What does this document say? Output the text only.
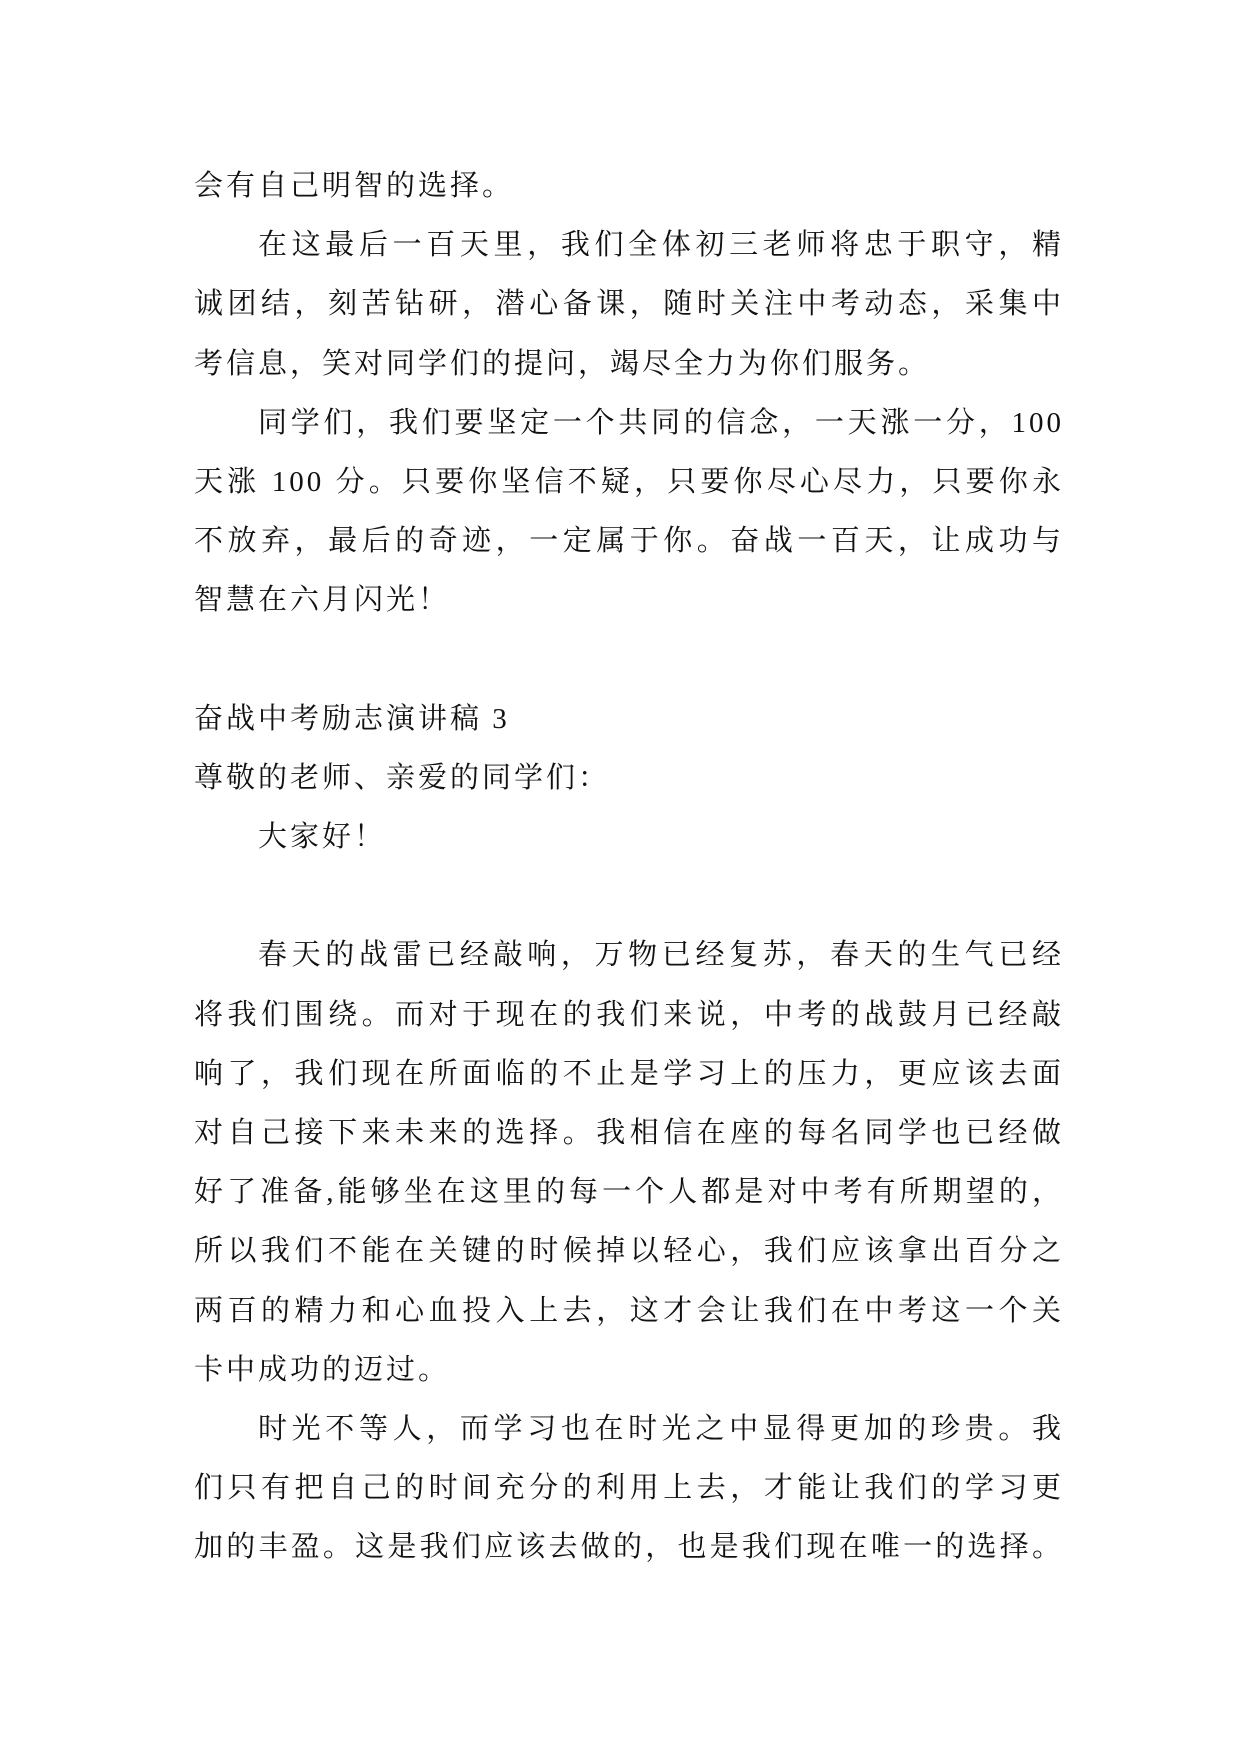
会有自己明智的选择。
在这最后一百天里，我们全体初三老师将忠于职守，精
诚团结，刻苦钻研，潜心备课，随时关注中考动态，采集中
考信息，笑对同学们的提问，竭尽全力为你们服务。
同学们，我们要坚定一个共同的信念，一天涨一分，100
天涨 100 分。只要你坚信不疑，只要你尽心尽力，只要你永
不放弃，最后的奇迹，一定属于你。奋战一百天，让成功与
智慧在六月闪光！
奋战中考励志演讲稿 3
尊敬的老师、亲爱的同学们：
大家好！
春天的战雷已经敲响，万物已经复苏，春天的生气已经
将我们围绕。而对于现在的我们来说，中考的战鼓月已经敲
响了，我们现在所面临的不止是学习上的压力，更应该去面
对自己接下来未来的选择。我相信在座的每名同学也已经做
好了准备,能够坐在这里的每一个人都是对中考有所期望的，
所以我们不能在关键的时候掉以轻心，我们应该拿出百分之
两百的精力和心血投入上去，这才会让我们在中考这一个关
卡中成功的迈过。
时光不等人，而学习也在时光之中显得更加的珍贵。我
们只有把自己的时间充分的利用上去，才能让我们的学习更
加的丰盈。这是我们应该去做的，也是我们现在唯一的选择。
